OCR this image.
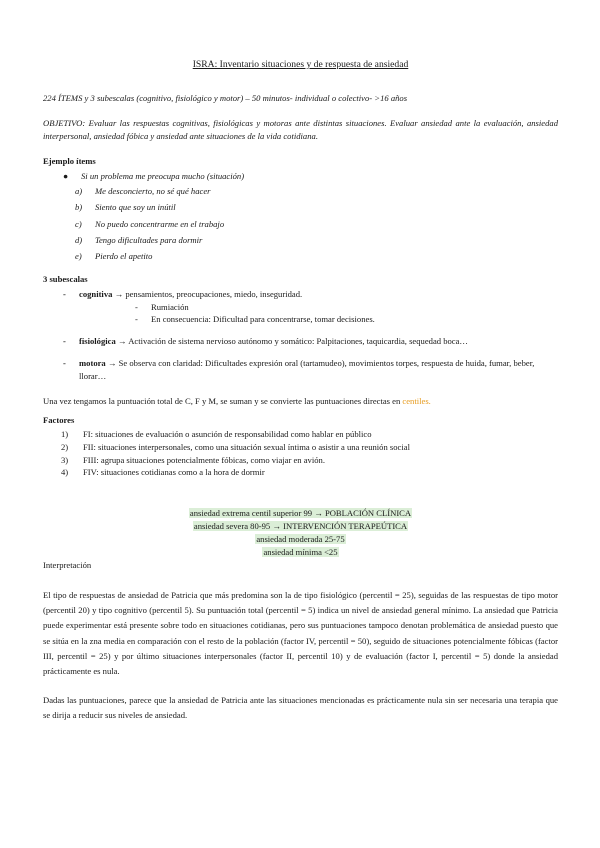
ISRA: Inventario situaciones y de respuesta de ansiedad

224 ÍTEMS y 3 subescalas (cognitivo, fisiológico y motor) – 50 minutos- individual o colectivo- >16 años

OBJETIVO: Evaluar las respuestas cognitivas, fisiológicas y motoras ante distintas situaciones. Evaluar ansiedad ante la evaluación, ansiedad interpersonal, ansiedad fóbica y ansiedad ante situaciones de la vida cotidiana.

Ejemplo ítems

● Si un problema me preocupa mucho (situación)
a) Me desconcierto, no sé qué hacer
b) Siento que soy un inútil
c) No puedo concentrarme en el trabajo
d) Tengo dificultades para dormir
e) Pierdo el apetito

3 subescalas

- cognitiva → pensamientos, preocupaciones, miedo, inseguridad.
- Rumiación
- En consecuencia: Dificultad para concentrarse, tomar decisiones.
- fisiológica → Activación de sistema nervioso autónomo y somático: Palpitaciones, taquicardia, sequedad boca…
- motora → Se observa con claridad: Dificultades expresión oral (tartamudeo), movimientos torpes, respuesta de huida, fumar, beber, llorar…

Una vez tengamos la puntuación total de C, F y M, se suman y se convierte las puntuaciones directas en centiles.

Factores

1) FI: situaciones de evaluación o asunción de responsabilidad como hablar en público
2) FII: situaciones interpersonales, como una situación sexual íntima o asistir a una reunión social
3) FIII: agrupa situaciones potencialmente fóbicas, como viajar en avión.
4) FIV: situaciones cotidianas como a la hora de dormir

ansiedad extrema centil superior 99 → POBLACIÓN CLÍNICA

ansiedad severa 80-95 → INTERVENCIÓN TERAPEÚTICA

ansiedad moderada 25-75

ansiedad mínima <25

Interpretación

El tipo de respuestas de ansiedad de Patricia que más predomina son la de tipo fisiológico (percentil = 25), seguidas de las respuestas de tipo motor (percentil 20) y tipo cognitivo (percentil 5). Su puntuación total (percentil = 5) indica un nivel de ansiedad general mínimo. La ansiedad que Patricia puede experimentar está presente sobre todo en situaciones cotidianas, pero sus puntuaciones tampoco denotan problemática de ansiedad puesto que se sitúa en la zna media en comparación con el resto de la población (factor IV, percentil = 50), seguido de situaciones potencialmente fóbicas (factor III, percentil = 25) y por último situaciones interpersonales (factor II, percentil 10) y de evaluación (factor I, percentil = 5) donde la ansiedad prácticamente es nula.

Dadas las puntuaciones, parece que la ansiedad de Patricia ante las situaciones mencionadas es prácticamente nula sin ser necesaria una terapia que se dirija a reducir sus niveles de ansiedad.
